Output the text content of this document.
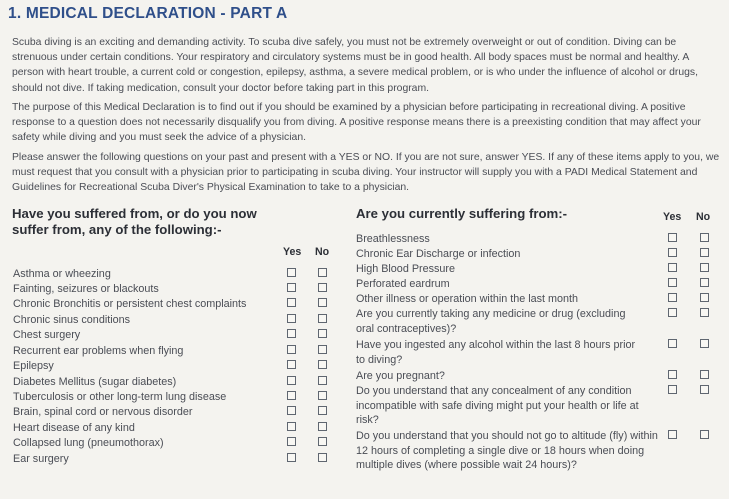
1. MEDICAL DECLARATION - PART A
Scuba diving is an exciting and demanding activity. To scuba dive safely, you must not be extremely overweight or out of condition. Diving can be strenuous under certain conditions. Your respiratory and circulatory systems must be in good health. All body spaces must be normal and healthy. A person with heart trouble, a current cold or congestion, epilepsy, asthma, a severe medical problem, or is who under the influence of alcohol or drugs, should not dive. If taking medication, consult your doctor before taking part in this program.
The purpose of this Medical Declaration is to find out if you should be examined by a physician before participating in recreational diving. A positive response to a question does not necessarily disqualify you from diving. A positive response means there is a preexisting condition that may affect your safety while diving and you must seek the advice of a physician.
Please answer the following questions on your past and present with a YES or NO. If you are not sure, answer YES. If any of these items apply to you, we must request that you consult with a physician prior to participating in scuba diving. Your instructor will supply you with a PADI Medical Statement and Guidelines for Recreational Scuba Diver's Physical Examination to take to a physician.
Have you suffered from, or do you now suffer from, any of the following:-
Yes No
Asthma or wheezing
Fainting, seizures or blackouts
Chronic Bronchitis or persistent chest complaints
Chronic sinus conditions
Chest surgery
Recurrent ear problems when flying
Epilepsy
Diabetes Mellitus (sugar diabetes)
Tuberculosis or other long-term lung disease
Brain, spinal cord or nervous disorder
Heart disease of any kind
Collapsed lung (pneumothorax)
Ear surgery
Are you currently suffering from:-	Yes No
Breathlessness
Chronic Ear Discharge or infection
High Blood Pressure
Perforated eardrum
Other illness or operation within the last month
Are you currently taking any medicine or drug (excluding oral contraceptives)?
Have you ingested any alcohol within the last 8 hours prior to diving?
Are you pregnant?
Do you understand that any concealment of any condition incompatible with safe diving might put your health or life at risk?
Do you understand that you should not go to altitude (fly) within 12 hours of completing a single dive or 18 hours when doing multiple dives (where possible wait 24 hours)?
